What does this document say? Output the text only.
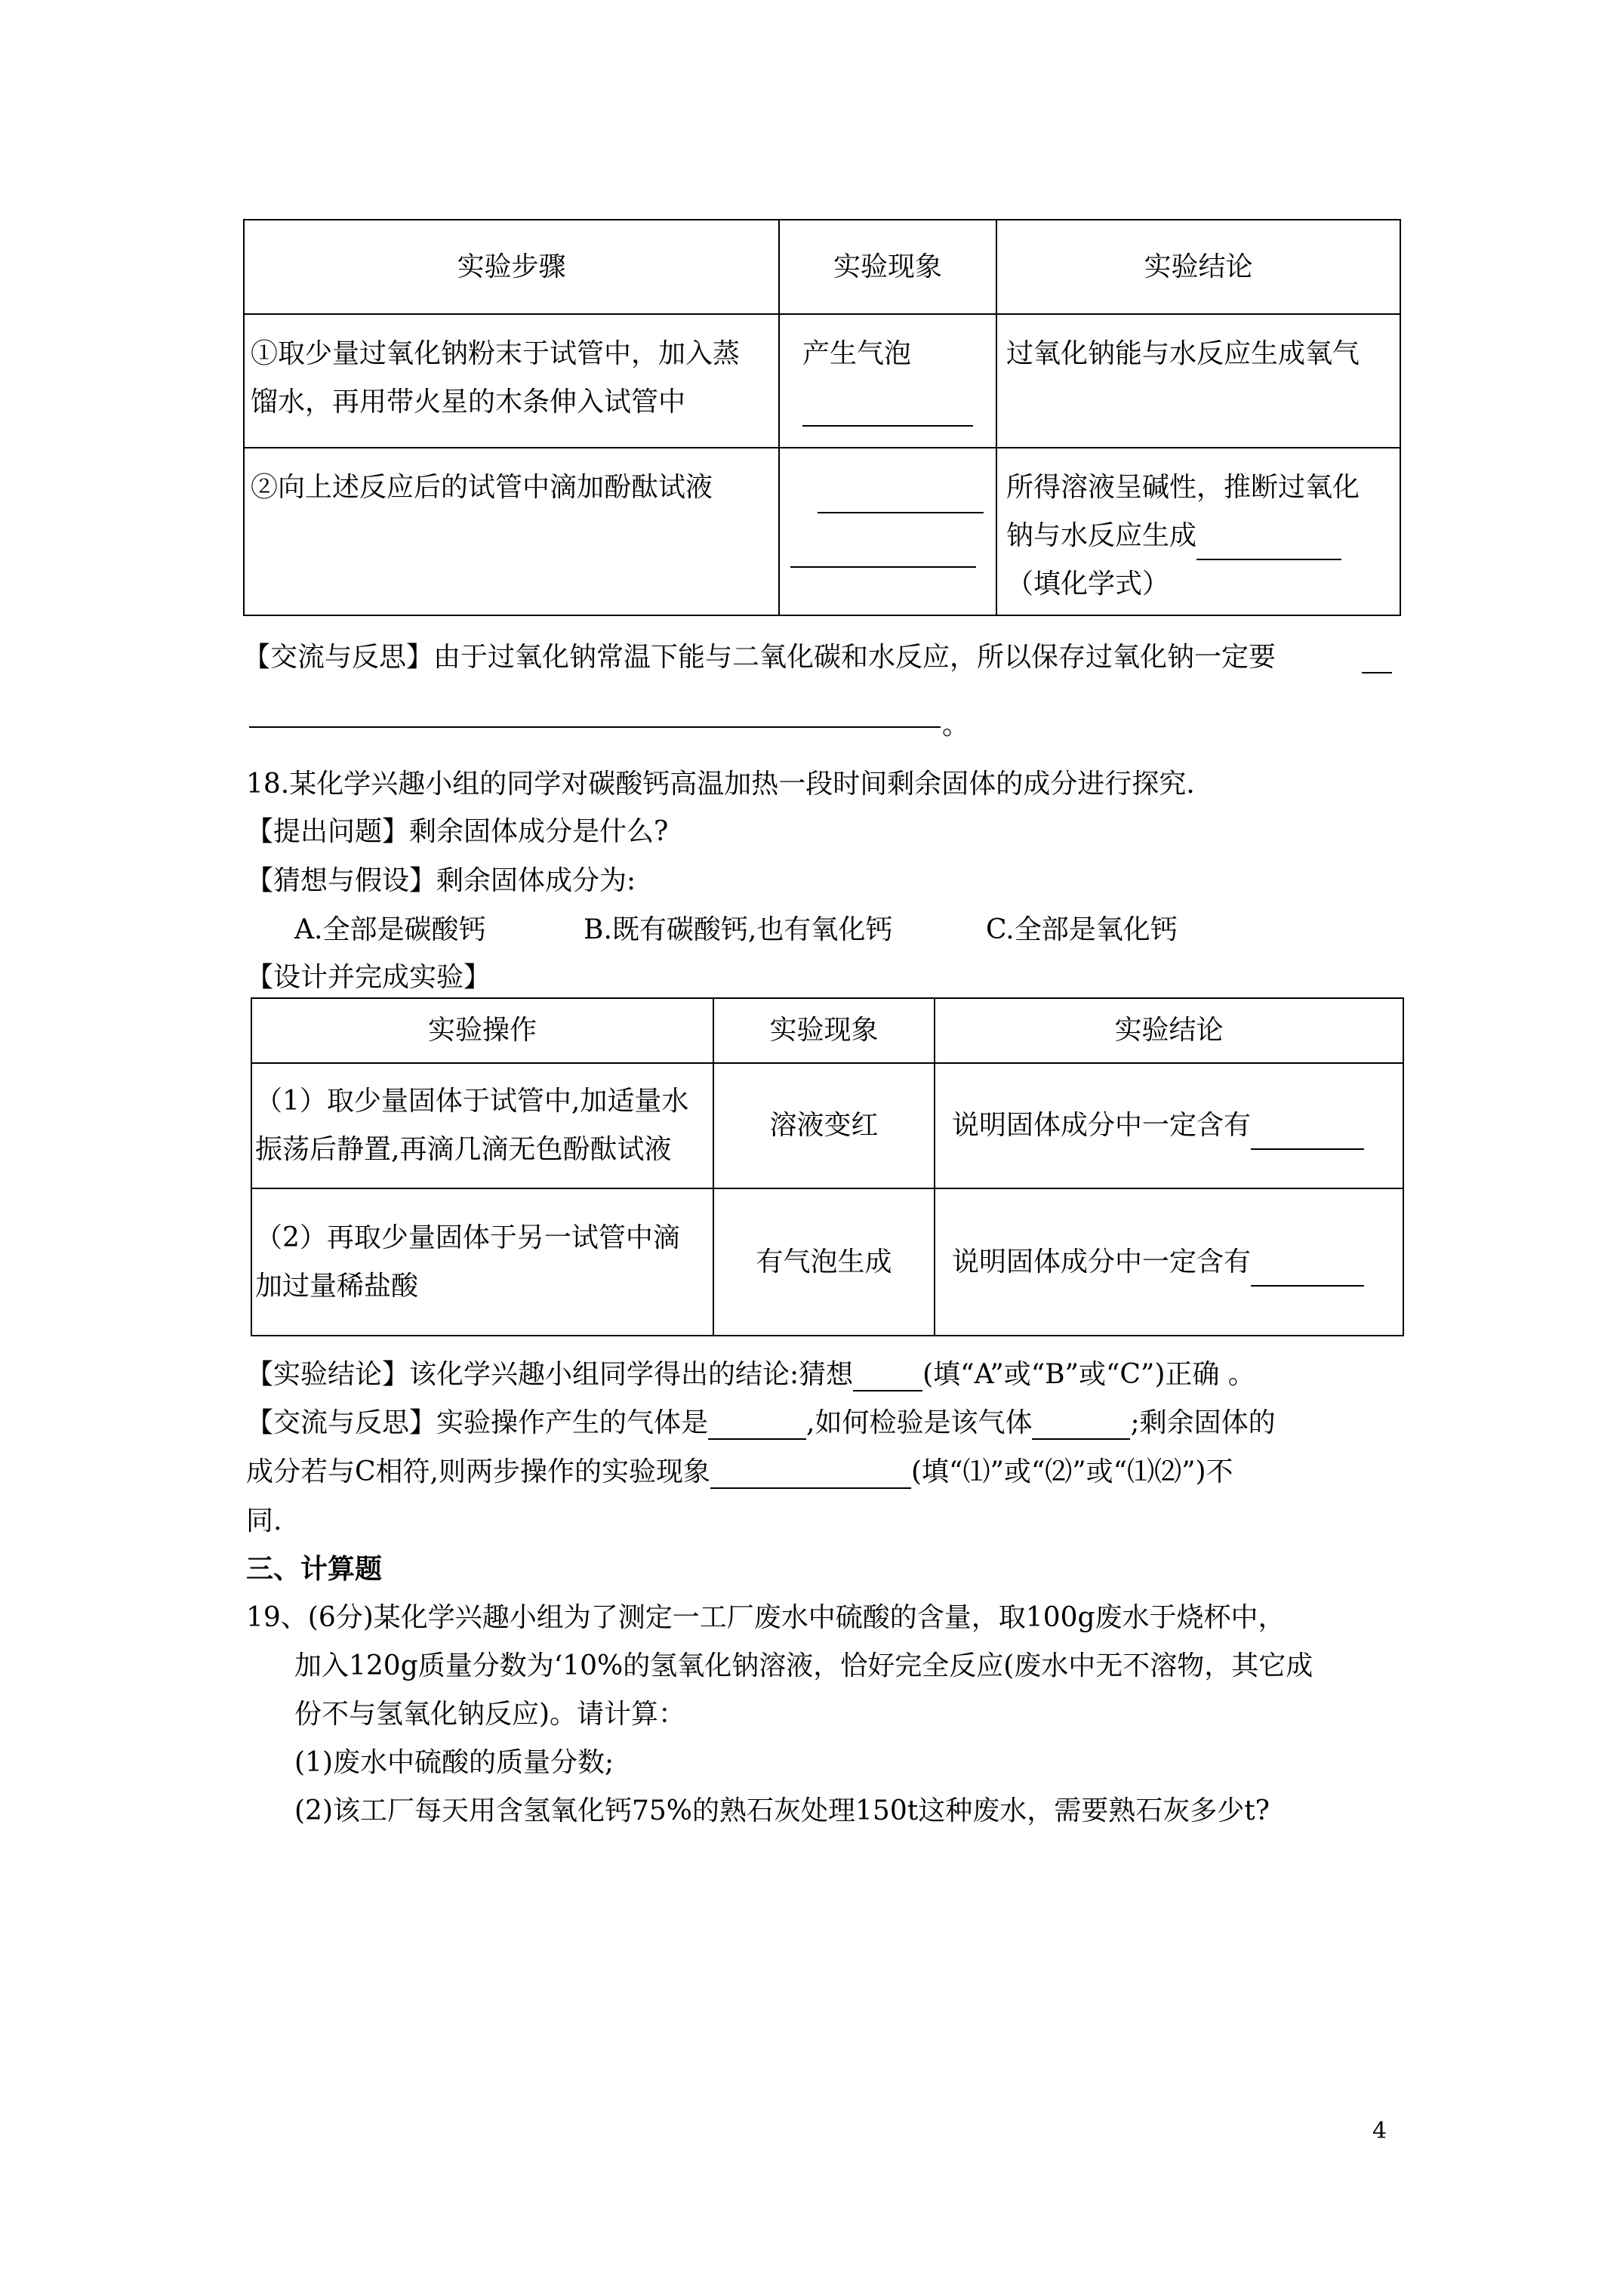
实验步骤	实验现象	实验结论

①取少量过氧化钠粉末于试管中，加入蒸
馏水，再用带火星的木条伸入试管中	产生气泡	过氧化钠能与水反应生成氧气

②向上述反应后的试管中滴加酚酞试液		所得溶液呈碱性，推断过氧化
钠与水反应生成
（填化学式）
【交流与反思】由于过氧化钠常温下能与二氧化碳和水反应，所以保存过氧化钠一定要
。
18.某化学兴趣小组的同学对碳酸钙高温加热一段时间剩余固体的成分进行探究.
【提出问题】剩余固体成分是什么?
【猜想与假设】剩余固体成分为:
A.全部是碳酸钙	B.既有碳酸钙,也有氧化钙	C.全部是氧化钙
【设计并完成实验】
实验操作	实验现象	实验结论

（1）取少量固体于试管中,加适量水
振荡后静置,再滴几滴无色酚酞试液	溶液变红	说明固体成分中一定含有

（2）再取少量固体于另一试管中滴
加过量稀盐酸	有气泡生成	说明固体成分中一定含有
【实验结论】该化学兴趣小组同学得出的结论:猜想	(填“A”或“B”或“C”)正确 。
【交流与反思】实验操作产生的气体是	,如何检验是该气体	;剩余固体的
成分若与C相符,则两步操作的实验现象	(填“⑴”或“⑵”或“⑴⑵”)不
同.
三、计算题
19、(6分)某化学兴趣小组为了测定一工厂废水中硫酸的含量，取100g废水于烧杯中，
加入120g质量分数为‘10%的氢氧化钠溶液，恰好完全反应(废水中无不溶物，其它成
份不与氢氧化钠反应)。请计算：
(1)废水中硫酸的质量分数;
(2)该工厂每天用含氢氧化钙75%的熟石灰处理150t这种废水，需要熟石灰多少t?
4
